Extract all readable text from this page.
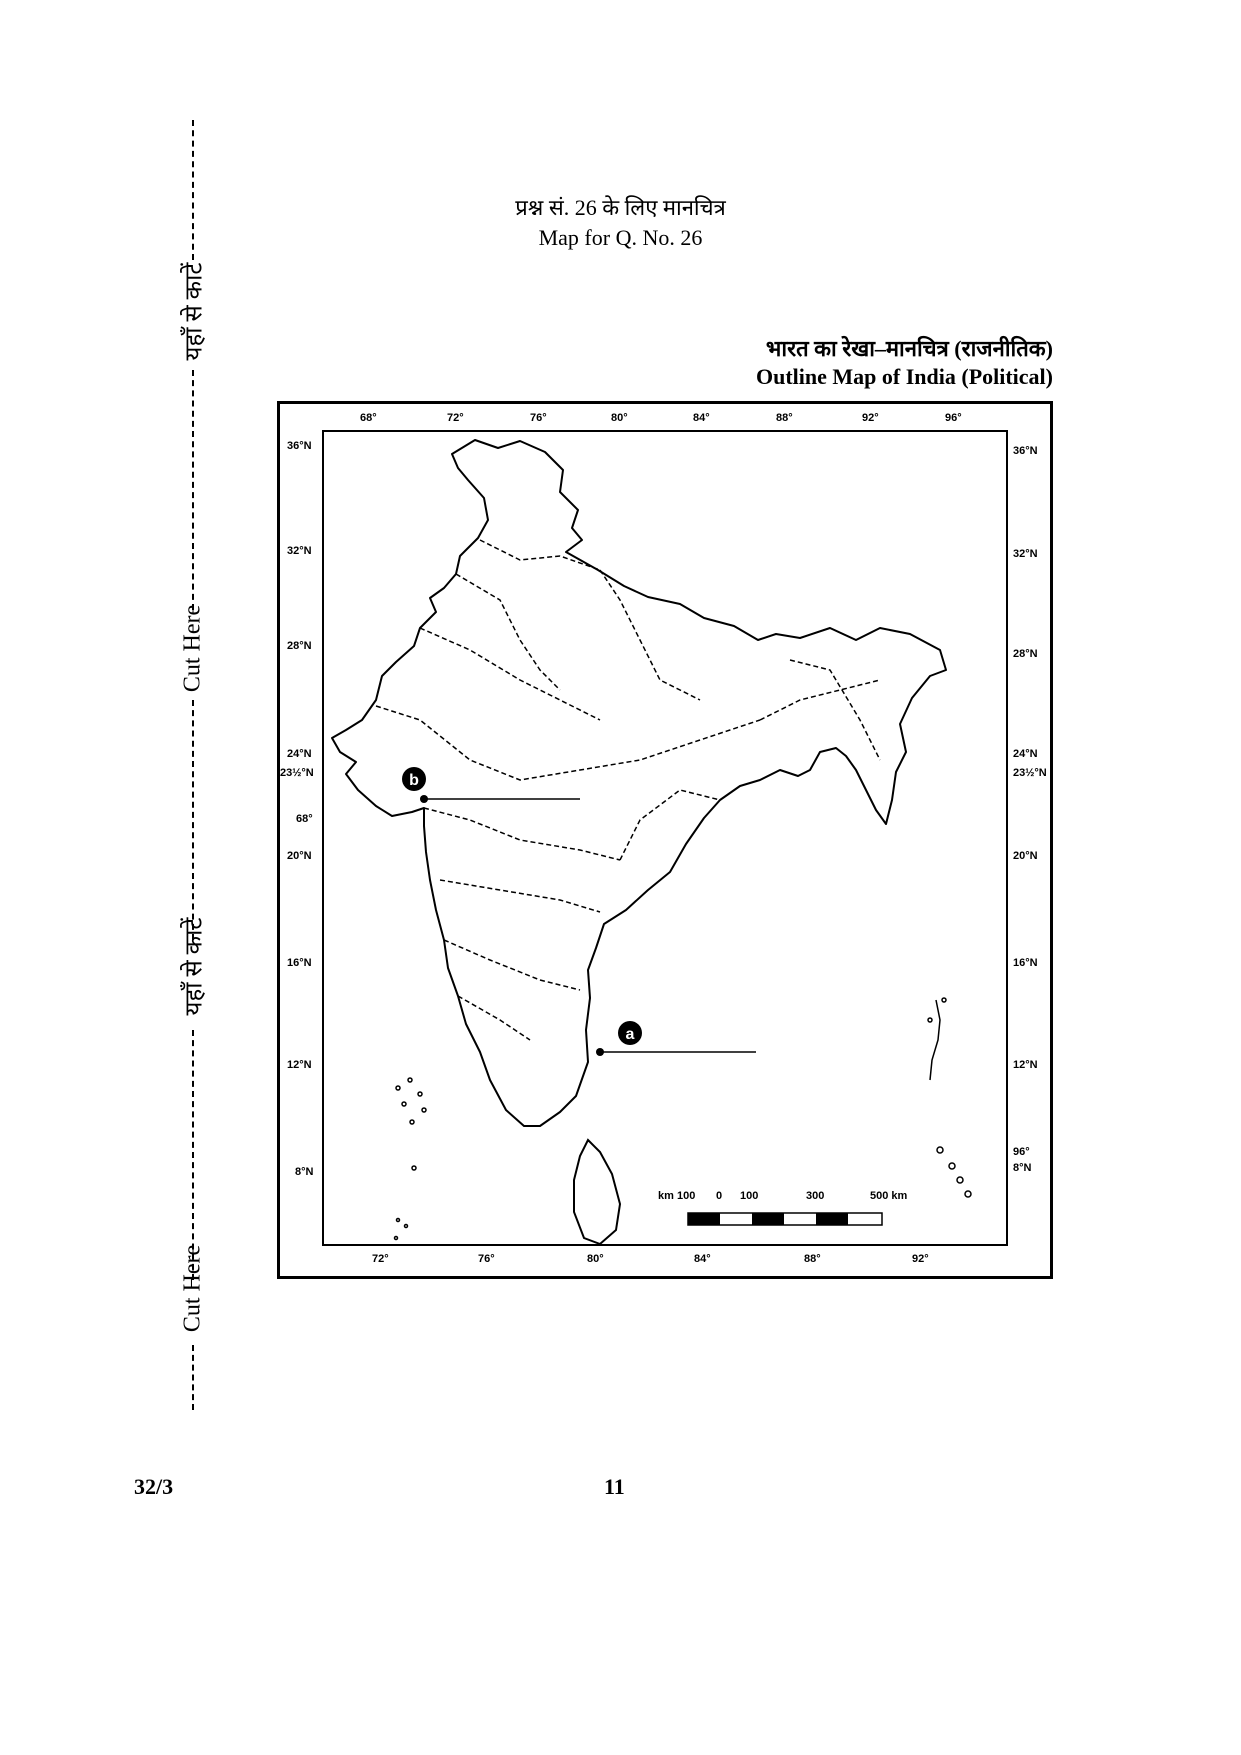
यहाँ से काटें
Cut Here
यहाँ से काटें
Cut Here
प्रश्न सं. 26 के लिए मानचित्र
Map for Q. No. 26
भारत का रेखा–मानचित्र (राजनीतिक)
Outline Map of India (Political)
68°	72°	76°	80°	84°	88°	92°	96°
72°	76°	80°	84°	88°	92°
36°N
32°N
28°N
24°N
23½°N
68°
20°N
16°N
12°N
8°N
36°N
32°N
28°N
24°N
23½°N
20°N
16°N
12°N
96°
8°N
b
a
km 100 0 100	300	500 km
32/3	11
